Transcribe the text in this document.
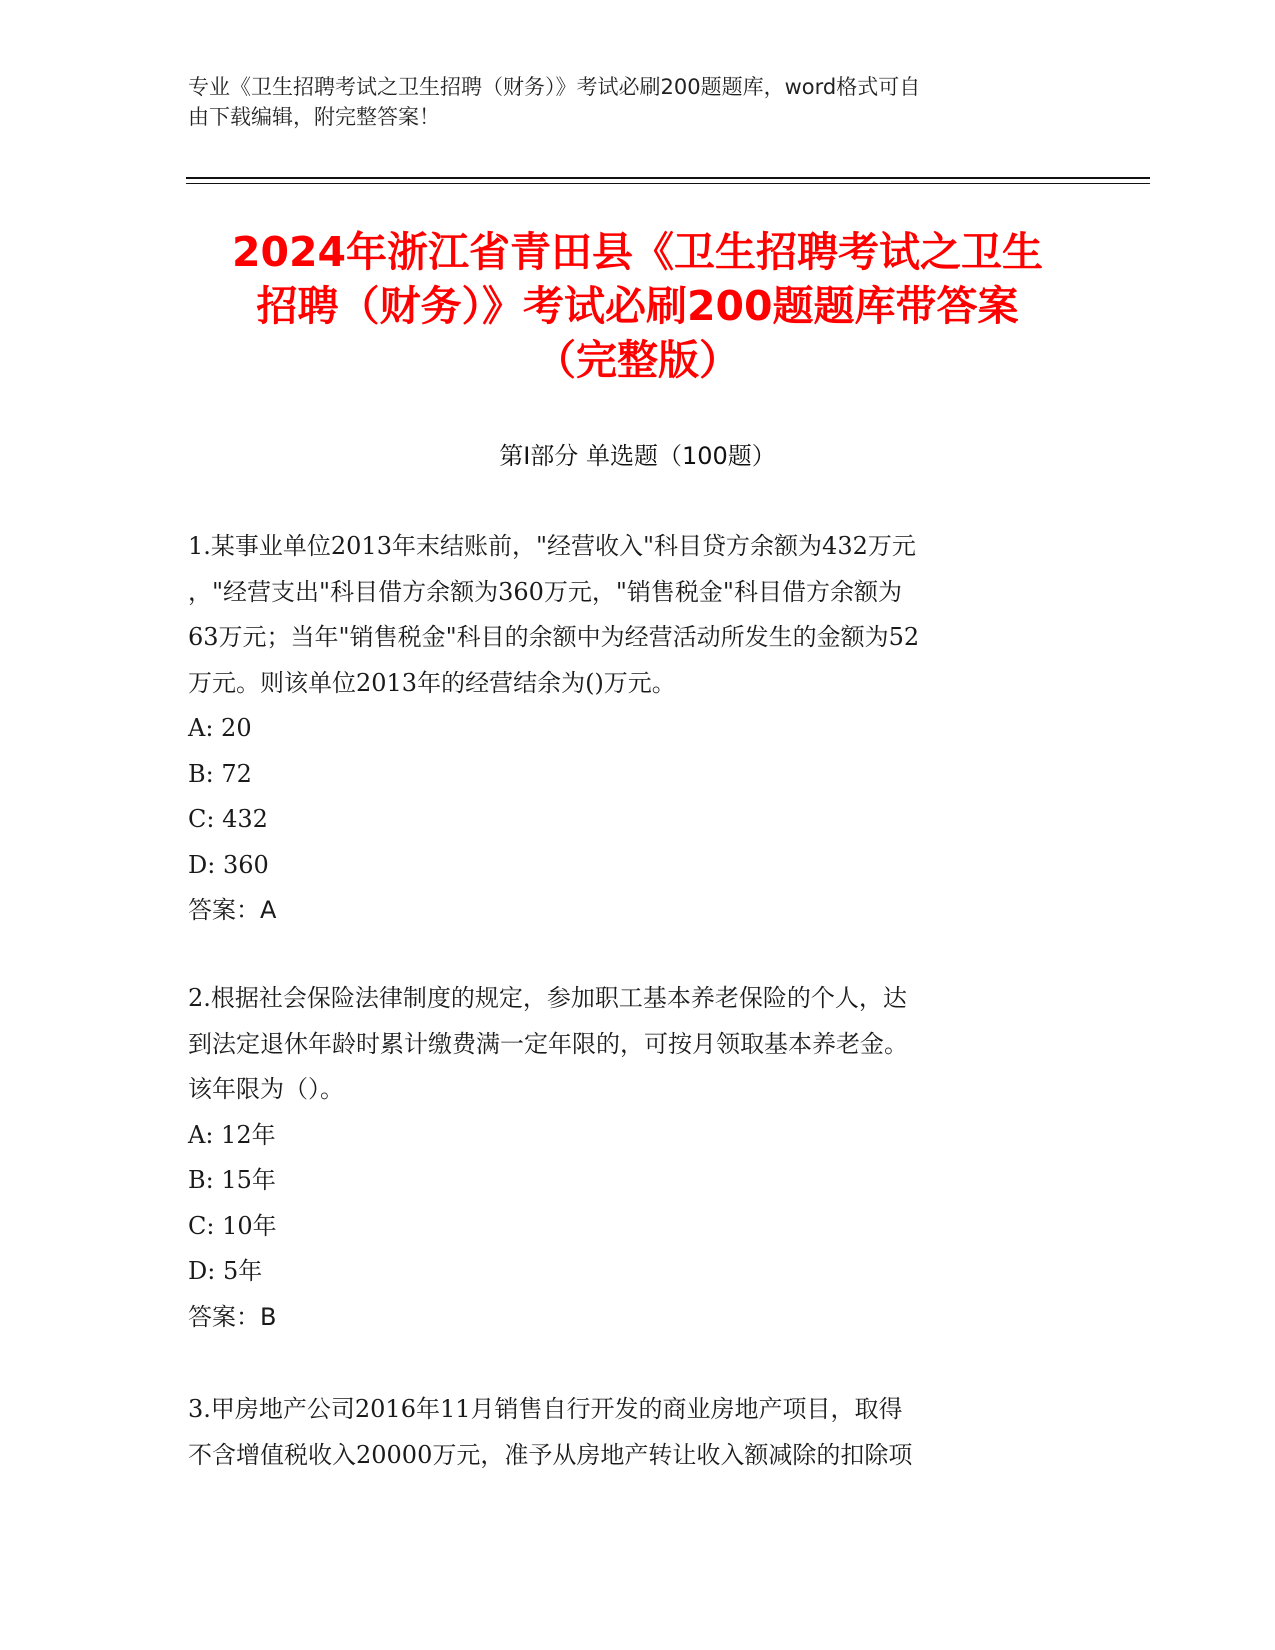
专业《卫生招聘考试之卫生招聘（财务）》考试必刷200题题库，word格式可自
由下载编辑，附完整答案！
2024年浙江省青田县《卫生招聘考试之卫生
招聘（财务）》考试必刷200题题库带答案
（完整版）
第I部分 单选题（100题）

1.某事业单位2013年末结账前，"经营收入"科目贷方余额为432万元
，"经营支出"科目借方余额为360万元，"销售税金"科目借方余额为
63万元；当年"销售税金"科目的余额中为经营活动所发生的金额为52
万元。则该单位2013年的经营结余为()万元。

A: 20
B: 72
C: 432
D: 360
答案：A

2.根据社会保险法律制度的规定，参加职工基本养老保险的个人，达
到法定退休年龄时累计缴费满一定年限的，可按月领取基本养老金。
该年限为（）。

A: 12年
B: 15年
C: 10年
D: 5年
答案：B

3.甲房地产公司2016年11月销售自行开发的商业房地产项目，取得
不含增值税收入20000万元，准予从房地产转让收入额减除的扣除项
